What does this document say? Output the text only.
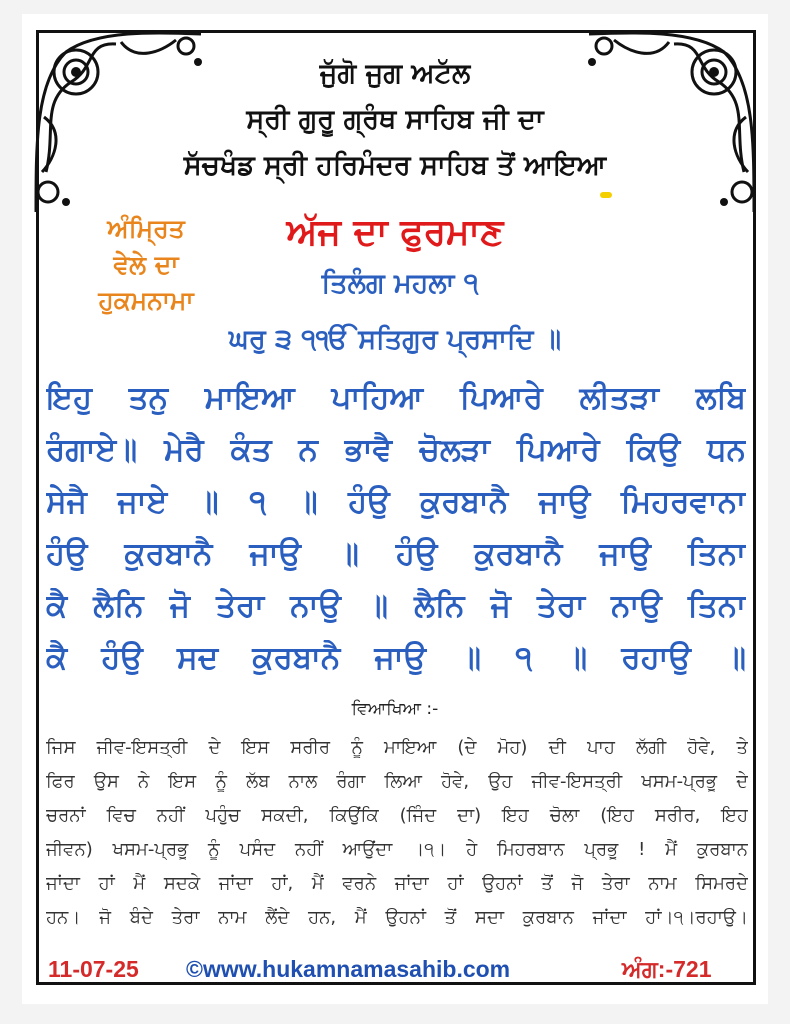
ਜੁੱਗੋ ਜੁਗ ਅਟੱਲ
ਸ੍ਰੀ ਗੁਰੂ ਗ੍ਰੰਥ ਸਾਹਿਬ ਜੀ ਦਾ
ਸੱਚਖੰਡ ਸ੍ਰੀ ਹਰਿਮੰਦਰ ਸਾਹਿਬ ਤੋਂ ਆਇਆ
ਅੰਮ੍ਰਿਤ
ਵੇਲੇ ਦਾ
ਹੁਕਮਨਾਮਾ
ਅੱਜ ਦਾ ਫੁਰਮਾਣ
ਤਿਲੰਗ ਮਹਲਾ ੧
ਘਰੁ ੩ ੧ੴ ਸਤਿਗੁਰ ਪ੍ਰਸਾਦਿ ॥
ਇਹੁ ਤਨੁ ਮਾਇਆ ਪਾਹਿਆ ਪਿਆਰੇ ਲੀਤੜਾ ਲਬਿ
ਰੰਗਾਏ॥ ਮੇਰੈ ਕੰਤ ਨ ਭਾਵੈ ਚੋਲੜਾ ਪਿਆਰੇ ਕਿਉ ਧਨ
ਸੇਜੈ ਜਾਏ ॥ ੧ ॥ ਹੰਉ ਕੁਰਬਾਨੈ ਜਾਉ ਮਿਹਰਵਾਨਾ
ਹੰਉ ਕੁਰਬਾਨੈ ਜਾਉ ॥ ਹੰਉ ਕੁਰਬਾਨੈ ਜਾਉ ਤਿਨਾ
ਕੈ ਲੈਨਿ ਜੋ ਤੇਰਾ ਨਾਉ ॥ ਲੈਨਿ ਜੋ ਤੇਰਾ ਨਾਉ ਤਿਨਾ
ਕੈ ਹੰਉ ਸਦ ਕੁਰਬਾਨੈ ਜਾਉ ॥ ੧ ॥ ਰਹਾਉ ॥
ਵਿਆਖਿਆ :-
ਜਿਸ ਜੀਵ-ਇਸਤ੍ਰੀ ਦੇ ਇਸ ਸਰੀਰ ਨੂੰ ਮਾਇਆ (ਦੇ ਮੋਹ) ਦੀ ਪਾਹ ਲੱਗੀ ਹੋਵੇ, ਤੇ
ਫਿਰ ਉਸ ਨੇ ਇਸ ਨੂੰ ਲੱਬ ਨਾਲ ਰੰਗਾ ਲਿਆ ਹੋਵੇ, ਉਹ ਜੀਵ-ਇਸਤ੍ਰੀ ਖਸਮ-ਪ੍ਰਭੂ ਦੇ
ਚਰਨਾਂ ਵਿਚ ਨਹੀਂ ਪਹੁੰਚ ਸਕਦੀ, ਕਿਉਂਕਿ (ਜਿੰਦ ਦਾ) ਇਹ ਚੋਲਾ (ਇਹ ਸਰੀਰ, ਇਹ
ਜੀਵਨ) ਖਸਮ-ਪ੍ਰਭੂ ਨੂੰ ਪਸੰਦ ਨਹੀਂ ਆਉਂਦਾ ।੧। ਹੇ ਮਿਹਰਬਾਨ ਪ੍ਰਭੂ ! ਮੈਂ ਕੁਰਬਾਨ
ਜਾਂਦਾ ਹਾਂ ਮੈਂ ਸਦਕੇ ਜਾਂਦਾ ਹਾਂ, ਮੈਂ ਵਰਨੇ ਜਾਂਦਾ ਹਾਂ ਉਹਨਾਂ ਤੋਂ ਜੋ ਤੇਰਾ ਨਾਮ ਸਿਮਰਦੇ
ਹਨ। ਜੋ ਬੰਦੇ ਤੇਰਾ ਨਾਮ ਲੈਂਦੇ ਹਨ, ਮੈਂ ਉਹਨਾਂ ਤੋਂ ਸਦਾ ਕੁਰਬਾਨ ਜਾਂਦਾ ਹਾਂ।੧।ਰਹਾਉ।
11-07-25 ©www.hukamnamasahib.com	ਅੰਗ:-721
